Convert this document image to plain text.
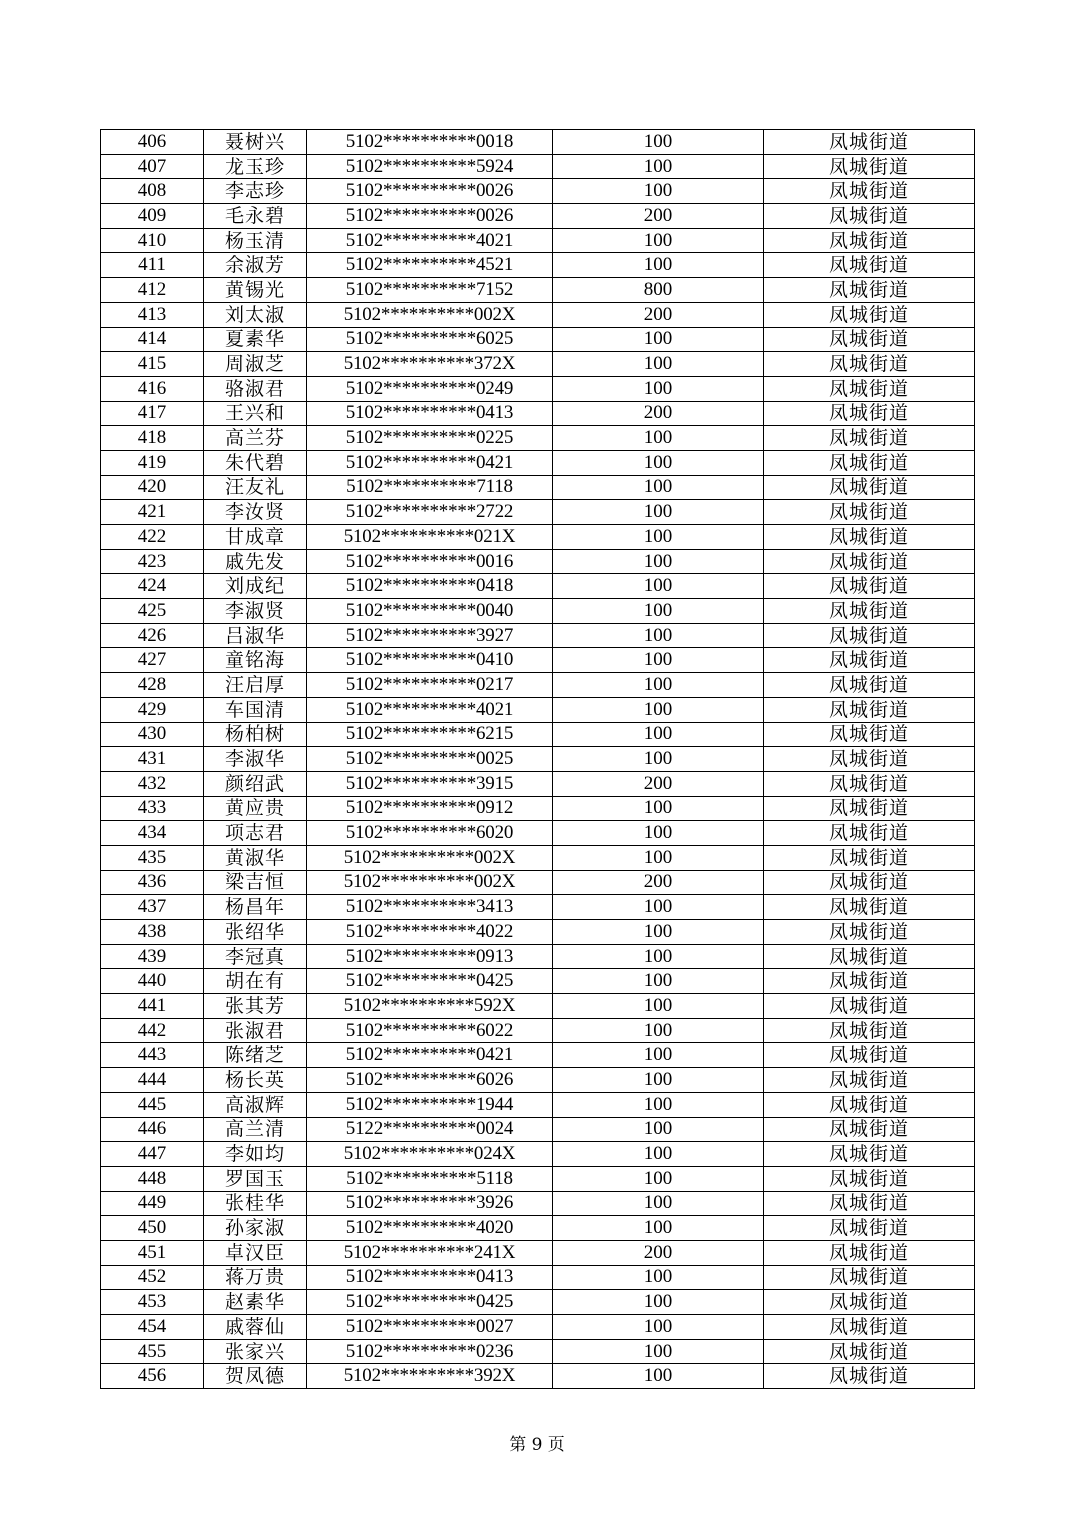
406	聂树兴	5102**********0018	100	凤城街道
407	龙玉珍	5102**********5924	100	凤城街道
408	李志珍	5102**********0026	100	凤城街道
409	毛永碧	5102**********0026	200	凤城街道
410	杨玉清	5102**********4021	100	凤城街道
411	余淑芳	5102**********4521	100	凤城街道
412	黄锡光	5102**********7152	800	凤城街道
413	刘太淑	5102**********002X	200	凤城街道
414	夏素华	5102**********6025	100	凤城街道
415	周淑芝	5102**********372X	100	凤城街道
416	骆淑君	5102**********0249	100	凤城街道
417	王兴和	5102**********0413	200	凤城街道
418	高兰芬	5102**********0225	100	凤城街道
419	朱代碧	5102**********0421	100	凤城街道
420	汪友礼	5102**********7118	100	凤城街道
421	李汝贤	5102**********2722	100	凤城街道
422	甘成章	5102**********021X	100	凤城街道
423	戚先发	5102**********0016	100	凤城街道
424	刘成纪	5102**********0418	100	凤城街道
425	李淑贤	5102**********0040	100	凤城街道
426	吕淑华	5102**********3927	100	凤城街道
427	童铭海	5102**********0410	100	凤城街道
428	汪启厚	5102**********0217	100	凤城街道
429	车国清	5102**********4021	100	凤城街道
430	杨柏树	5102**********6215	100	凤城街道
431	李淑华	5102**********0025	100	凤城街道
432	颜绍武	5102**********3915	200	凤城街道
433	黄应贵	5102**********0912	100	凤城街道
434	项志君	5102**********6020	100	凤城街道
435	黄淑华	5102**********002X	100	凤城街道
436	梁吉恒	5102**********002X	200	凤城街道
437	杨昌年	5102**********3413	100	凤城街道
438	张绍华	5102**********4022	100	凤城街道
439	李冠真	5102**********0913	100	凤城街道
440	胡在有	5102**********0425	100	凤城街道
441	张其芳	5102**********592X	100	凤城街道
442	张淑君	5102**********6022	100	凤城街道
443	陈绪芝	5102**********0421	100	凤城街道
444	杨长英	5102**********6026	100	凤城街道
445	高淑辉	5102**********1944	100	凤城街道
446	高兰清	5122**********0024	100	凤城街道
447	李如均	5102**********024X	100	凤城街道
448	罗国玉	5102**********5118	100	凤城街道
449	张桂华	5102**********3926	100	凤城街道
450	孙家淑	5102**********4020	100	凤城街道
451	卓汉臣	5102**********241X	200	凤城街道
452	蒋万贵	5102**********0413	100	凤城街道
453	赵素华	5102**********0425	100	凤城街道
454	戚蓉仙	5102**********0027	100	凤城街道
455	张家兴	5102**********0236	100	凤城街道
456	贺凤德	5102**********392X	100	凤城街道
第 9 页
